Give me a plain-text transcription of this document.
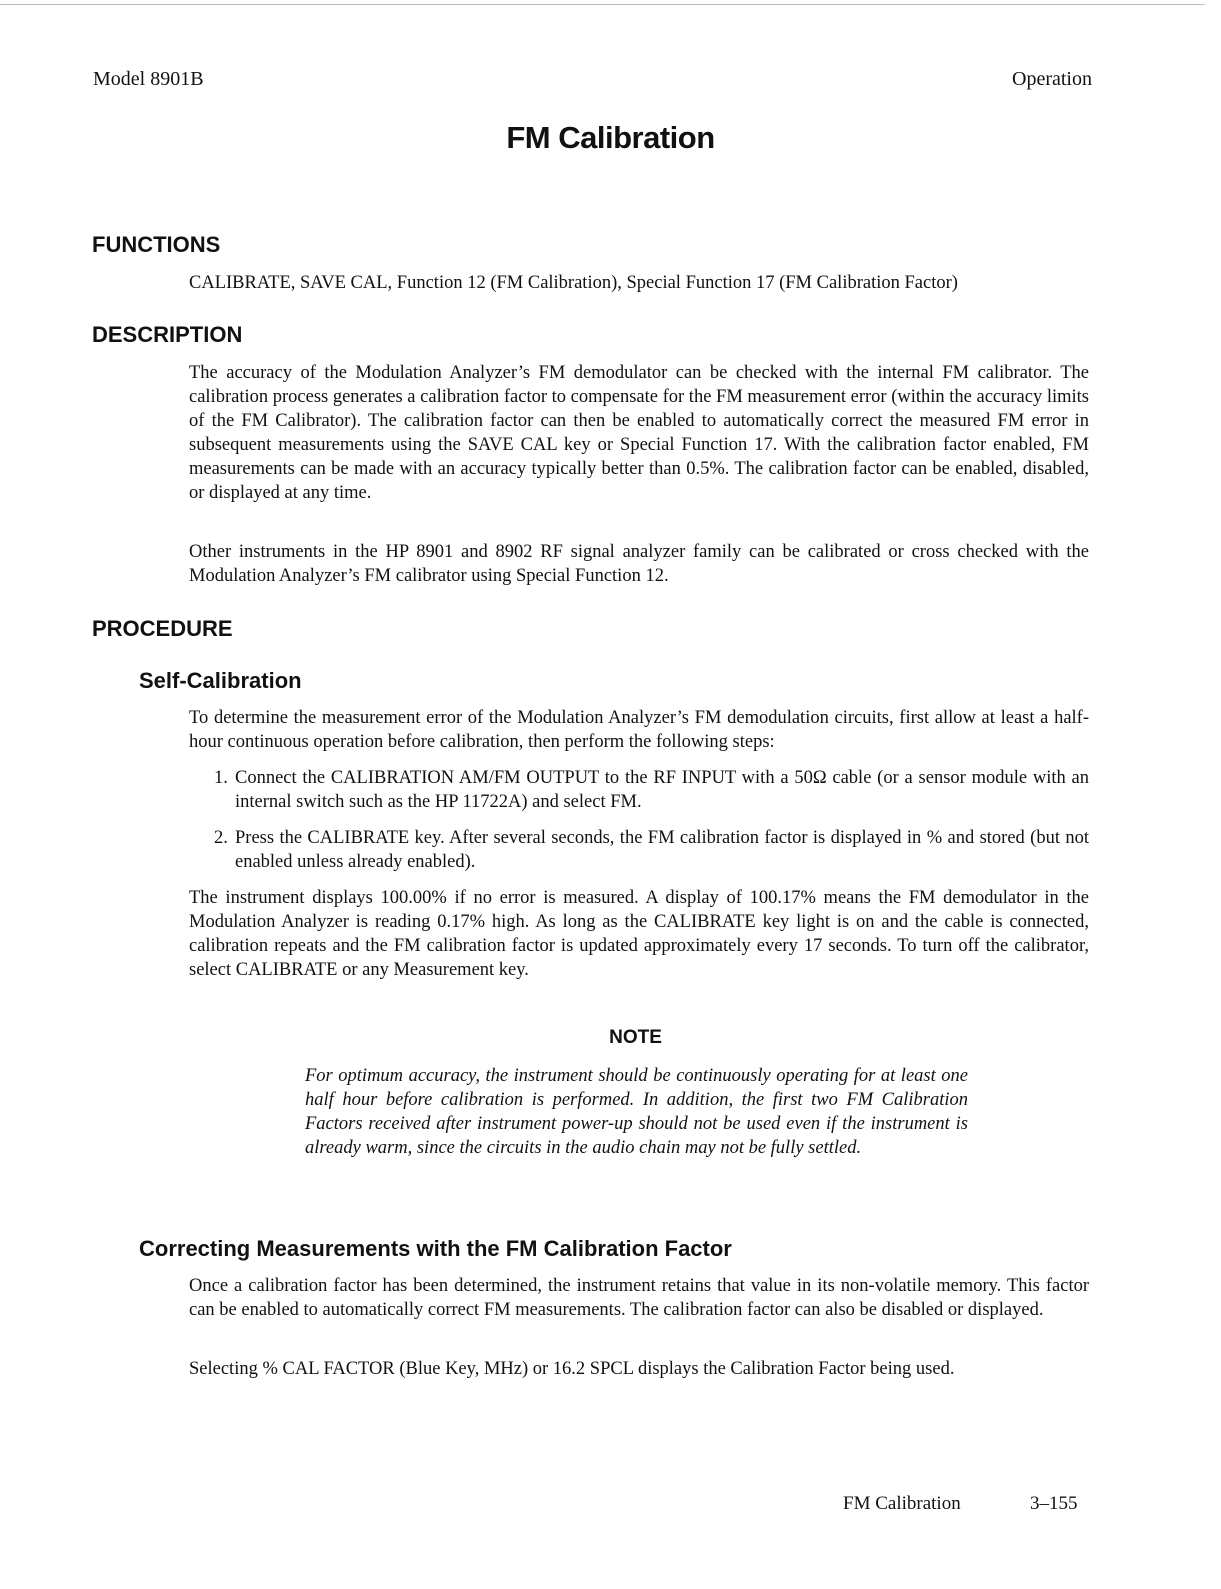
Model 8901B	Operation
FM Calibration
FUNCTIONS

CALIBRATE, SAVE CAL, Function 12 (FM Calibration), Special Function 17 (FM Calibration Factor)

DESCRIPTION

The accuracy of the Modulation Analyzer’s FM demodulator can be checked with the internal FM calibrator. The calibration process generates a calibration factor to compensate for the FM measurement error (within the accuracy limits of the FM Calibrator). The calibration factor can then be enabled to automatically correct the measured FM error in subsequent measurements using the SAVE CAL key or Special Function 17. With the calibration factor enabled, FM measurements can be made with an accuracy typically better than 0.5%. The calibration factor can be enabled, disabled, or displayed at any time.

Other instruments in the HP 8901 and 8902 RF signal analyzer family can be calibrated or cross checked with the Modulation Analyzer’s FM calibrator using Special Function 12.

PROCEDURE
Self-Calibration

To determine the measurement error of the Modulation Analyzer’s FM demodulation circuits, first allow at least a half-hour continuous operation before calibration, then perform the following steps:

1. Connect the CALIBRATION AM/FM OUTPUT to the RF INPUT with a 50Ω cable (or a sensor module with an internal switch such as the HP 11722A) and select FM.
2. Press the CALIBRATE key. After several seconds, the FM calibration factor is displayed in % and stored (but not enabled unless already enabled).

The instrument displays 100.00% if no error is measured. A display of 100.17% means the FM demodulator in the Modulation Analyzer is reading 0.17% high. As long as the CALIBRATE key light is on and the cable is connected, calibration repeats and the FM calibration factor is updated approximately every 17 seconds. To turn off the calibrator, select CALIBRATE or any Measurement key.

NOTE
For optimum accuracy, the instrument should be continuously operating for at least one half hour before calibration is performed. In addition, the first two FM Calibration Factors received after instrument power-up should not be used even if the instrument is already warm, since the circuits in the audio chain may not be fully settled.
Correcting Measurements with the FM Calibration Factor

Once a calibration factor has been determined, the instrument retains that value in its non-volatile memory. This factor can be enabled to automatically correct FM measurements. The calibration factor can also be disabled or displayed.

Selecting % CAL FACTOR (Blue Key, MHz) or 16.2 SPCL displays the Calibration Factor being used.

FM Calibration	3–155
